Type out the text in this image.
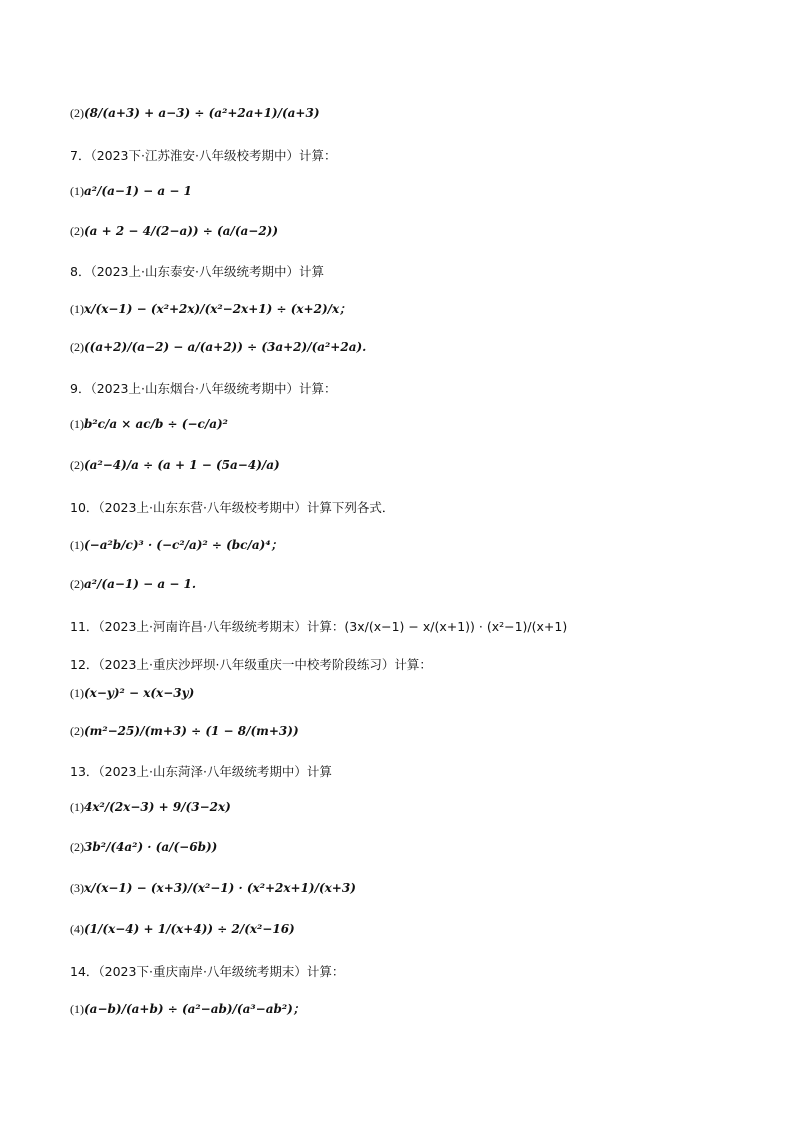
(2)(8/(a+3) + a−3) ÷ (a²+2a+1)/(a+3)
7．（2023下·江苏淮安·八年级校考期中）计算：
(1)a²/(a−1) − a − 1
(2)(a + 2 − 4/(2−a)) ÷ (a/(a−2))
8．（2023上·山东泰安·八年级统考期中）计算
(1)x/(x−1) − (x²+2x)/(x²−2x+1) ÷ (x+2)/x；
(2)((a+2)/(a−2) − a/(a+2)) ÷ (3a+2)/(a²+2a).
9．（2023上·山东烟台·八年级统考期中）计算：
(1)b²c/a × ac/b ÷ (−c/a)²
(2)(a²−4)/a ÷ (a + 1 − (5a−4)/a)
10．（2023上·山东东营·八年级校考期中）计算下列各式．
(1)(−a²b/c)³ · (−c²/a)² ÷ (bc/a)⁴；
(2)a²/(a−1) − a − 1.
11．（2023上·河南许昌·八年级统考期末）计算：(3x/(x−1) − x/(x+1)) · (x²−1)/(x+1)
12．（2023上·重庆沙坪坝·八年级重庆一中校考阶段练习）计算：
(1)(x−y)² − x(x−3y)
(2)(m²−25)/(m+3) ÷ (1 − 8/(m+3))
13．（2023上·山东菏泽·八年级统考期中）计算
(1)4x²/(2x−3) + 9/(3−2x)
(2)3b²/(4a²) · (a/(−6b))
(3)x/(x−1) − (x+3)/(x²−1) · (x²+2x+1)/(x+3)
(4)(1/(x−4) + 1/(x+4)) ÷ 2/(x²−16)
14．（2023下·重庆南岸·八年级统考期末）计算：
(1)(a−b)/(a+b) ÷ (a²−ab)/(a³−ab²)；
